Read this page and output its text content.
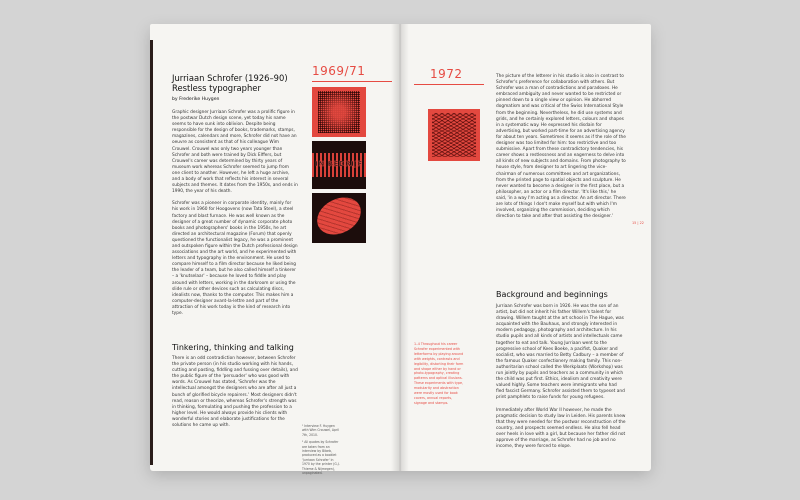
Jurriaan Schrofer (1926–90)
Restless typographer
by Frederike Huygen

Graphic designer Jurriaan Schrofer was a prolific figure in the postwar Dutch design scene, yet today his name seems to have sunk into oblivion. Despite being responsible for the design of books, trademarks, stamps, magazines, calendars and more, Schrofer did not have an oeuvre as consistent as that of his colleague Wim Crouwel. Crouwel was only two years younger than Schrofer and both were trained by Dick Elffers, but Crouwel's career was determined by thirty years of museum work whereas Schrofer seemed to jump from one client to another. However, he left a huge archive, and a body of work that reflects his interest in several subjects and themes. It dates from the 1950s, and ends in 1990, the year of his death.

Schrofer was a pioneer in corporate identity, mainly for his work in 1960 for Hoogovens (now Tata Steel), a steel factory and blast furnace. He was well known as the designer of a great number of dynamic corporate photo books and photographers' books in the 1950s, he art directed an architectural magazine (Forum) that openly questioned the functionalist legacy, he was a prominent and outspoken figure within the Dutch professional design associations and the art world, and he experimented with letters and typography in the environment. He used to compare himself to a film director because he liked being the leader of a team, but he also called himself a tinkerer – a 'knutselaar' – because he loved to fiddle and play around with letters, working in the darkroom or using the slide rule or other devices such as calculating discs, idealists now, thanks to the computer. This makes him a computer-designer avant-la-lettre and part of the attraction of his work today is the kind of research into type.

Tinkering, thinking and talking
There is an odd contradiction however, between Schrofer the private person (in his studio working with his hands, cutting and pasting, fiddling and fussing over details), and the public figure of the 'persuader' who was good with words. As Crouwel has stated, 'Schrofer was the intellectual amongst the designers who are after all just a bunch of glorified bicycle repairers.' Most designers didn't read, reason or theorize, whereas Schrofer's strength was in thinking, formulating and pushing the profession to a higher level. He would always provide his clients with wonderful stories and elaborate justifications for the solutions he came up with.	¹ Interview F. Huygen with Wim Crouwel, April 7th, 2010.
² All quotes by Schrofer are taken from an interview by Bibeb, produced as a booklet 'Jurriaan Schrofer' in 1970 by the printer (G.J. Thieme & Nijmegen), unpaginated.
1969/71
IN BEDRIJF
1972
1–4 Throughout his career Schrofer experimented with letterforms by playing around with weights, contrasts and legibility, distorting their form and shape either by hand or photo-typography, creating patterns and optical illusions. These experiments with type, modularity and abstraction were mostly used for book covers, annual reports, signage and stamps.

The picture of the letterer in his studio is also in contrast to Schrofer's preference for collaboration with others. But Schrofer was a man of contradictions and paradoxes. He embraced ambiguity and never wanted to be restricted or pinned down to a single view or opinion. He abhorred dogmatism and was critical of the Swiss International Style from the beginning. Nevertheless, he did use systems and grids, and he certainly explored letters, colours and shapes in a systematic way. He expressed his disdain for advertising, but worked part-time for an advertising agency for about ten years. Sometimes it seems as if the role of the designer was too limited for him: too restrictive and too submissive. Apart from these contradictory tendencies, his career shows a restlessness and an eagerness to delve into all kinds of new subjects and domains. From photography to house style, from designer to art lingering the vice-chairman of numerous committees and art organizations, from the printed page to spatial objects and sculpture. He never wanted to become a designer in the first place, but a philosopher, an actor or a film director. 'It's like this,' he said, 'in a way I'm acting as a director. An art director. There are lots of things I don't make myself but with which I'm involved, organizing the commission, deciding which direction to take and after that assisting the designer.'

15 | 22
Background and beginnings

Jurriaan Schrofer was born in 1926. He was the son of an artist, but did not inherit his father Willem's talent for drawing. Willem taught at the art school in The Hague, was acquainted with the Bauhaus, and strongly interested in modern pedagogy, photography and architecture. In his studio pupils and all kinds of artists and intellectuals came together to eat and talk. Young Jurriaan went to the progressive school of Kees Boeke, a pacifist, Quaker and socialist, who was married to Betty Cadbury – a member of the famous Quaker confectionery making family. This non-authoritarian school called the Werkplaats (Workshop) was run jointly by pupils and teachers as a community in which the child was put first. Ethics, idealism and creativity were valued highly. Some teachers were immigrants who had fled fascist Germany. Schrofer assisted them to typeset and print pamphlets to raise funds for young refugees.

Immediately after World War II however, he made the pragmatic decision to study law in Leiden. His parents knew that they were needed for the postwar reconstruction of the country, and prospects seemed endless. He also fell head over heels in love with a girl, but because her father did not approve of the marriage, as Schrofer had no job and no income, they were forced to elope.
